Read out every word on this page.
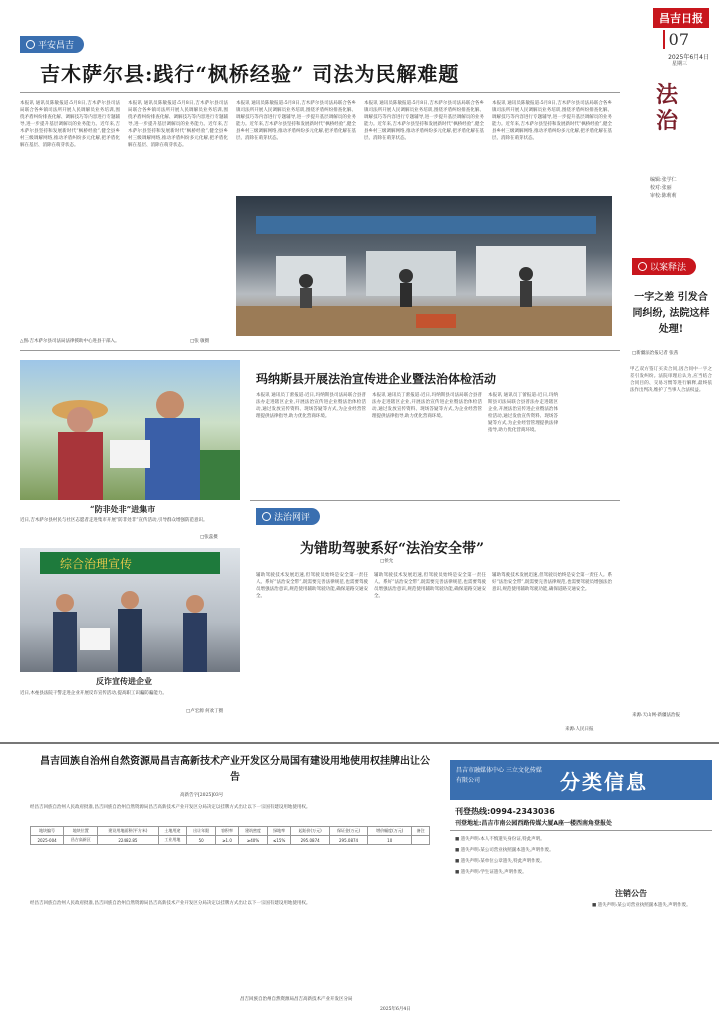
昌吉日报
07
2025年6月4日
星期三
平安昌吉
吉木萨尔县:践行“枫桥经验” 司法为民解难题
本报讯 通讯员陈敏报道:5月8日,吉木萨尔县司法局联合各乡镇司法所开展人民调解员业务培训,围绕矛盾纠纷排查化解、调解技巧等内容进行专题辅导,进一步提升基层调解员的业务能力。近年来,吉木萨尔县坚持和发展新时代“枫桥经验”,健全县乡村三级调解网络,推动矛盾纠纷多元化解,把矛盾化解在基层、消除在萌芽状态。
本报讯 通讯员陈敏报道:5月8日,吉木萨尔县司法局联合各乡镇司法所开展人民调解员业务培训,围绕矛盾纠纷排查化解、调解技巧等内容进行专题辅导,进一步提升基层调解员的业务能力。近年来,吉木萨尔县坚持和发展新时代“枫桥经验”,健全县乡村三级调解网络,推动矛盾纠纷多元化解,把矛盾化解在基层、消除在萌芽状态。
本报讯 通讯员陈敏报道:5月8日,吉木萨尔县司法局联合各乡镇司法所开展人民调解员业务培训,围绕矛盾纠纷排查化解、调解技巧等内容进行专题辅导,进一步提升基层调解员的业务能力。近年来,吉木萨尔县坚持和发展新时代“枫桥经验”,健全县乡村三级调解网络,推动矛盾纠纷多元化解,把矛盾化解在基层、消除在萌芽状态。
本报讯 通讯员陈敏报道:5月8日,吉木萨尔县司法局联合各乡镇司法所开展人民调解员业务培训,围绕矛盾纠纷排查化解、调解技巧等内容进行专题辅导,进一步提升基层调解员的业务能力。近年来,吉木萨尔县坚持和发展新时代“枫桥经验”,健全县乡村三级调解网络,推动矛盾纠纷多元化解,把矛盾化解在基层、消除在萌芽状态。
本报讯 通讯员陈敏报道:5月8日,吉木萨尔县司法局联合各乡镇司法所开展人民调解员业务培训,围绕矛盾纠纷排查化解、调解技巧等内容进行专题辅导,进一步提升基层调解员的业务能力。近年来,吉木萨尔县坚持和发展新时代“枫桥经验”,健全县乡村三级调解网络,推动矛盾纠纷多元化解,把矛盾化解在基层、消除在萌芽状态。
△图:吉木萨尔县司法局法律援助中心进县干部入。	□张 敏摄
“防非处非”进集市
近日,吉木萨尔县村民与社区志愿者走进集市开展“防非处非”宣传活动,引导群众增强防范意识。
□张蕊摄
综合治理宣传
反诈宣传进企业
近日,木垒县法院干警走进企业开展反诈宣传活动,提高职工识骗防骗能力。
□卢宏源 何欢丁摄
玛纳斯县开展法治宣传进企业暨法治体检活动
本报讯 通讯员丁蕾报道:近日,玛纳斯县司法局联合县普法办走进辖区企业,开展法治宣传进企业暨法治体检活动,通过发放宣传资料、现场答疑等方式,为企业经营管理提供法律指导,助力优化营商环境。
本报讯 通讯员丁蕾报道:近日,玛纳斯县司法局联合县普法办走进辖区企业,开展法治宣传进企业暨法治体检活动,通过发放宣传资料、现场答疑等方式,为企业经营管理提供法律指导,助力优化营商环境。
本报讯 通讯员丁蕾报道:近日,玛纳斯县司法局联合县普法办走进辖区企业,开展法治宣传进企业暨法治体检活动,通过发放宣传资料、现场答疑等方式,为企业经营管理提供法律指导,助力优化营商环境。
法治网评
为错助驾驶系好“法治安全带”
□侯允
辅助驾驶技术发展迅速,但驾驶员始终是安全第一责任人。系好“法治安全带”,既需要完善法律规范,也需要驾驶员增强法治意识,规范使用辅助驾驶功能,确保道路交通安全。
辅助驾驶技术发展迅速,但驾驶员始终是安全第一责任人。系好“法治安全带”,既需要完善法律规范,也需要驾驶员增强法治意识,规范使用辅助驾驶功能,确保道路交通安全。
辅助驾驶技术发展迅速,但驾驶员始终是安全第一责任人。系好“法治安全带”,既需要完善法律规范,也需要驾驶员增强法治意识,规范使用辅助驾驶功能,确保道路交通安全。
来源:人民日报
法治
编辑:张学仁
校对:张丽
审校:陈莉莉
以案释法
一字之差 引发合同纠纷, 法院这样处理!
□新疆法治报记者 张茜
甲乙双方签订买卖合同,因合同中一字之差引发纠纷。法院审理后认为,应当结合合同目的、交易习惯等进行解释,最终依法作出判决,维护了当事人合法权益。
来源:天山网-新疆法治报
昌吉回族自治州自然资源局昌吉高新技术产业开发区分局国有建设用地使用权挂牌出让公告
高新告字[2025]03号
经昌吉回族自治州人民政府批准,昌吉回族自治州自然资源局昌吉高新技术产业开发区分局决定以挂牌方式出让以下一宗国有建设用地使用权。
地块编号	地块位置	建设用地面积(平方米)	土地用途	出让年限	容积率	建筑密度	绿地率	起始价(万元)	保证金(万元)	增价幅度(万元)	备注
2025-004	昌吉高新区	22482.85	工业用地	50	≥1.0	≥40%	≤15%	295.0874	295.0874	10	
经昌吉回族自治州人民政府批准,昌吉回族自治州自然资源局昌吉高新技术产业开发区分局决定以挂牌方式出让以下一宗国有建设用地使用权。
昌吉回族自治州自然资源局昌吉高新技术产业开发区分局
2025年6月4日
昌吉市融媒体中心 三立文化传媒有限公司	分类信息
刊登热线:0994-2343036
刊登地址:昌吉市南公园西路传媒大厦A座一楼西南角登报处
■ 遗失声明:本人不慎遗失身份证,特此声明。
■ 遗失声明:某公司营业执照副本遗失,声明作废。
■ 遗失声明:某单位公章遗失,特此声明作废。
■ 遗失声明:学生证遗失,声明作废。
注销公告
■ 遗失声明:某公司营业执照副本遗失,声明作废。
